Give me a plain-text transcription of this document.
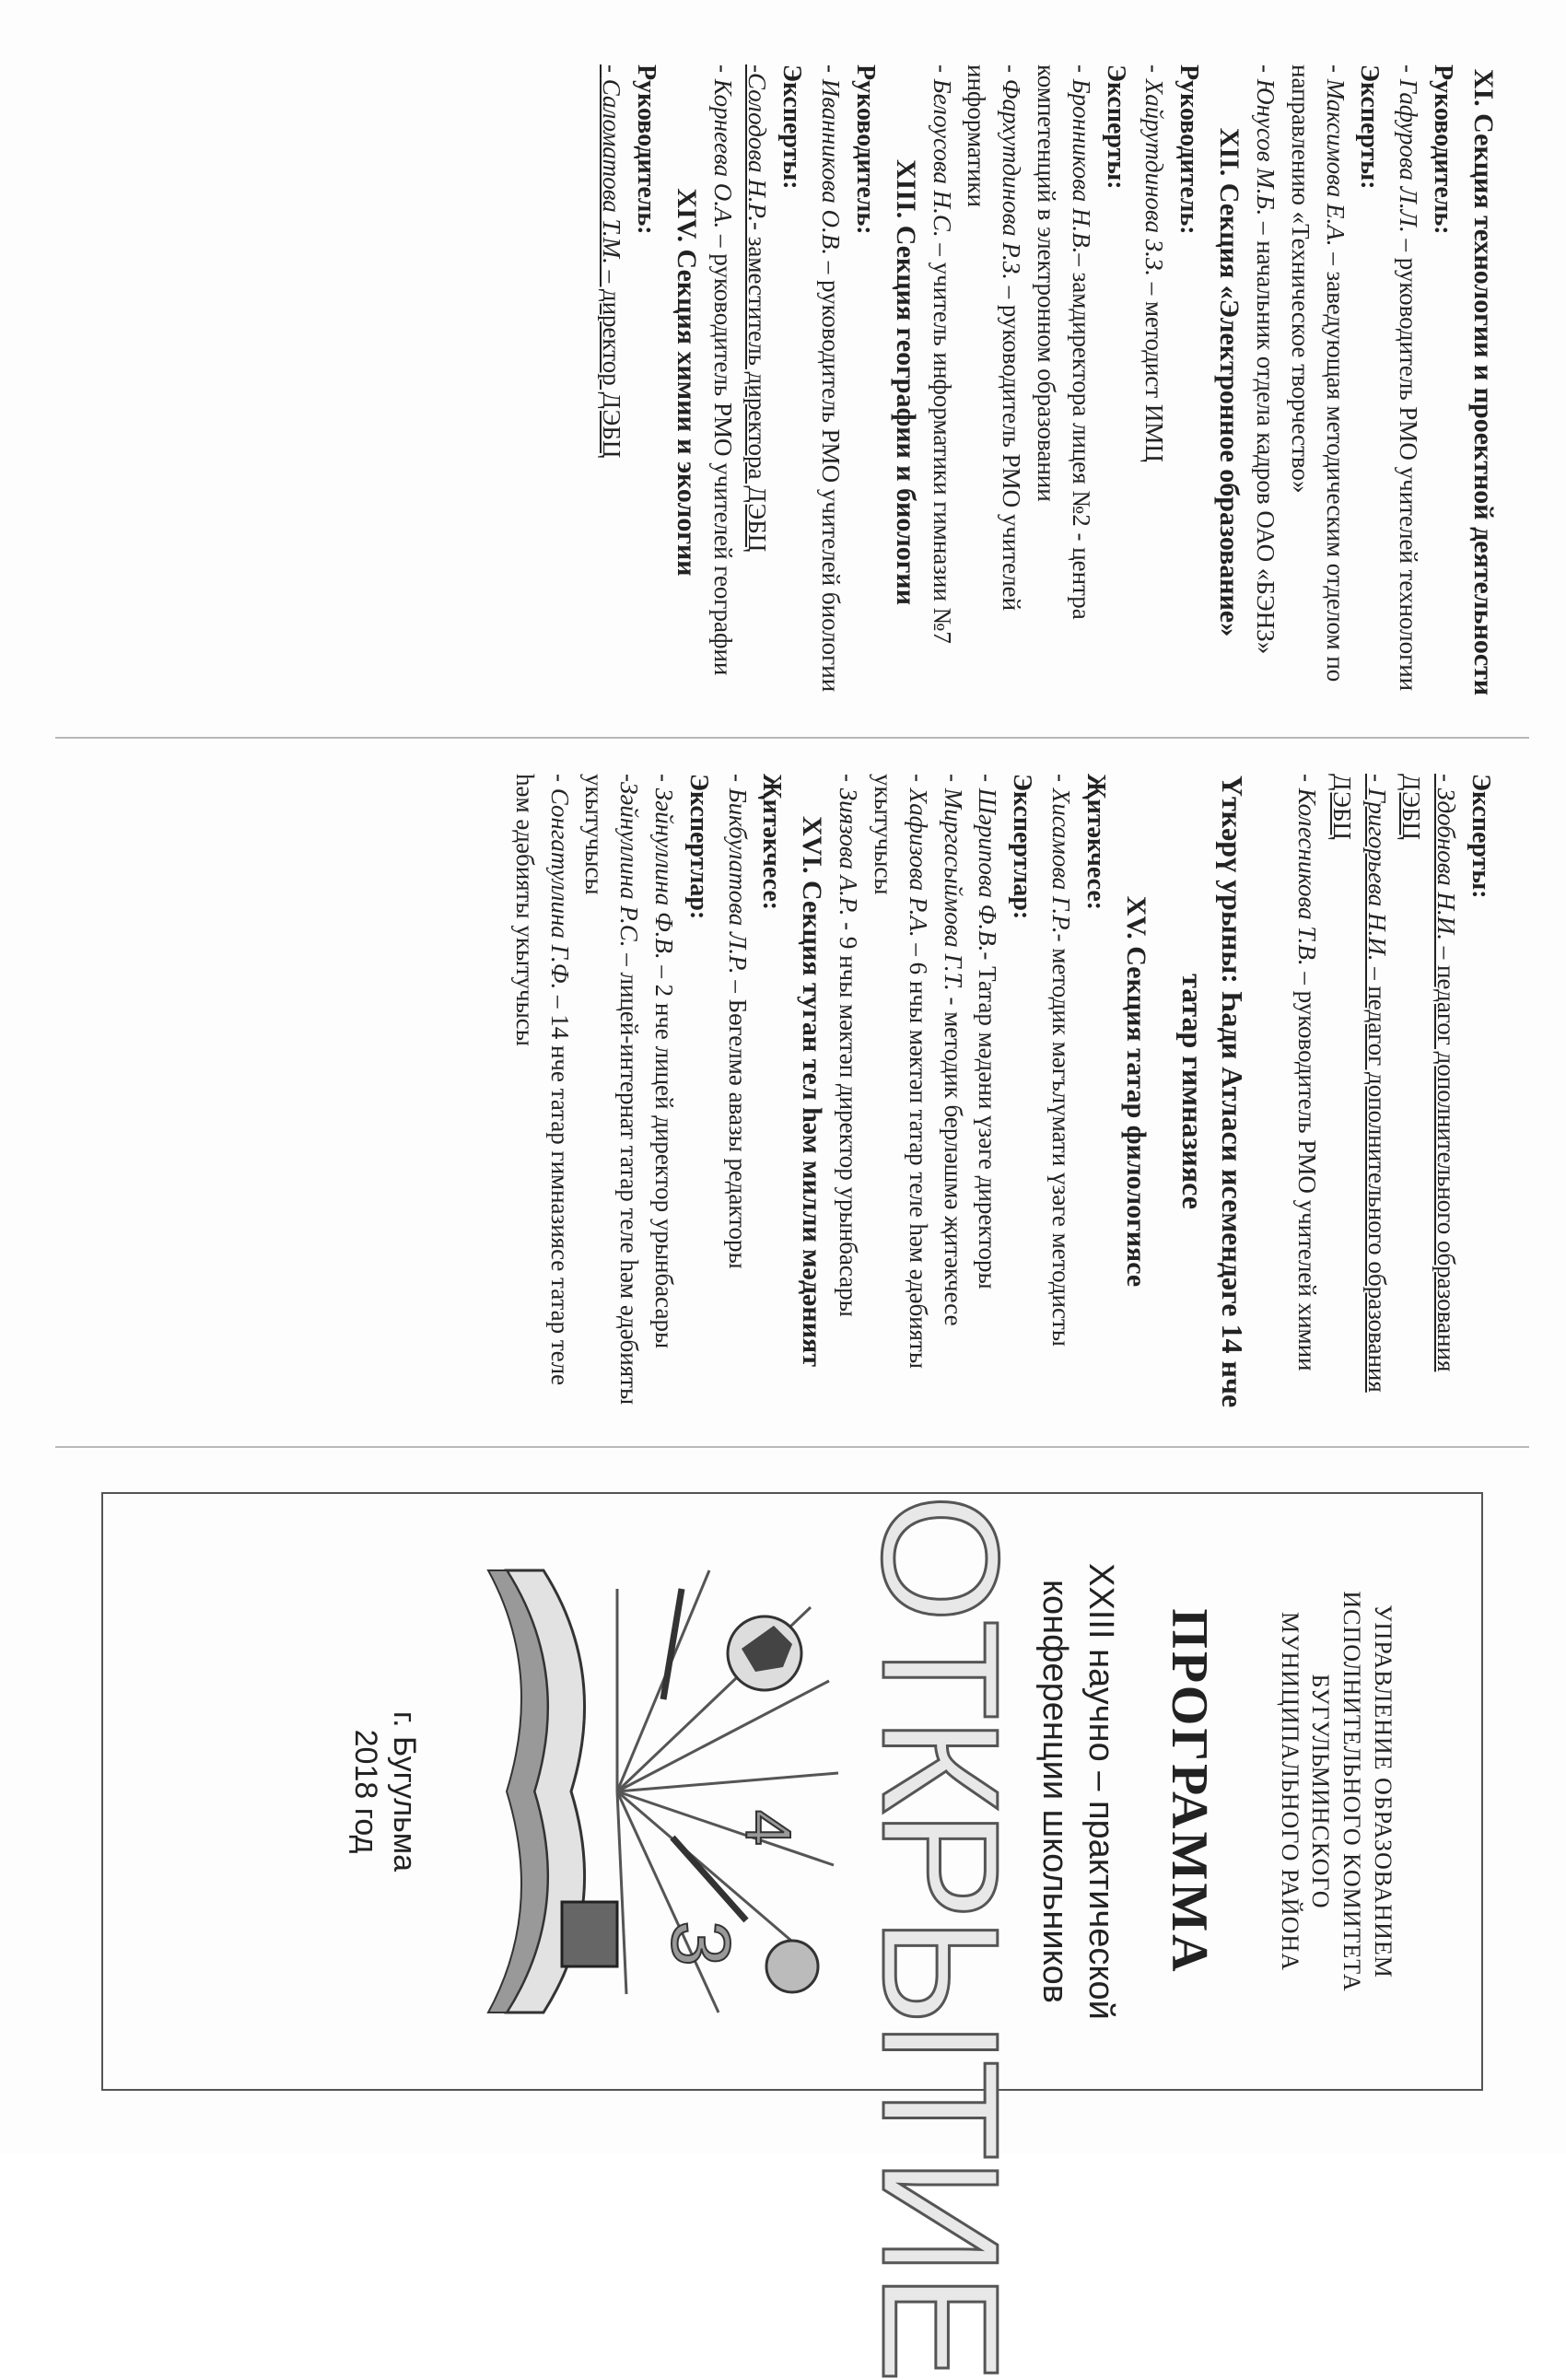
XI. Секция технологии и проектной деятельности

Руководитель:

- Гафурова Л.Л. – руководитель РМО учителей технологии

Эксперты:

- Максимова Е.А. – заведующая методическим отделом по направлению «Техническое творчество»

- Юнусов М.Б. – начальник отдела кадров ОАО «БЭНЗ»

XII. Секция «Электронное образование»

Руководитель:

- Хайрутдинова З.З. – методист ИМЦ

Эксперты:

- Бронникова Н.В.– замдиректора лицея №2 - центра компетенций в электронном образовании

- Фархутдинова Р.З. – руководитель РМО учителей информатики

- Белоусова Н.С. – учитель информатики гимназии №7

XIII. Секция географии и биологии

Руководитель:

- Иванникова О.В. – руководитель РМО учителей биологии

Эксперты:

-Солодова Н.Р.- заместитель директора ДЭБЦ

- Корнеева О.А. – руководитель РМО учителей географии

XIV. Секция химии и экологии

Руководитель:

- Саломатова Т.М. – директор ДЭБЦ

Эксперты:

- Здобнова Н.И. – педагог дополнительного образования ДЭБЦ

- Григорьева Н.И. – педагог дополнительного образования ДЭБЦ

- Колесникова Т.В. – руководитель РМО учителей химии

Үткәрү урыны: Һади Атласи исемендәге 14 нче татар гимназиясе
XV. Секция татар филологиясе

Җитәкчесе:

- Хисамова Г.Р.- методик мәгълүмати үзәге методисты

Экспертлар:

- Шәрипова Ф.В.- Татар мәдәни үзәге директоры

- Миргасыймова Г.Т. - методик берләшмә җитәкчесе

- Хафизова Р.А. – 6 нчы мәктәп татар теле һәм әдәбияты укытучысы

- Зиязова А.Р. - 9 нчы мәктәп директор урынбасары

XVI. Секция туган тел һәм милли мәдәният

Җитәкчесе:

- Бикбулатова Л.Р. – Бөгелмә авазы редакторы

Экспертлар:

- Зәйнуллина Ф.В. – 2 нче лицей директор урынбасары

-Зәйнуллина Р.С. – лицей-интернат татар теле һәм әдәбияты укытучысы

- Сонгатуллина Г.Ф. – 14 нче татар гимназиясе татар теле һәм әдәбияты укытучысы

УПРАВЛЕНИЕ ОБРАЗОВАНИЕМ
ИСПОЛНИТЕЛЬНОГО КОМИТЕТА
БУГУЛЬМИНСКОГО
МУНИЦИПАЛЬНОГО РАЙОНА
ПРОГРАММА
XXIII научно – практической
конференции школьников
ОТКРЫТИЕ
3
4
г. Бугульма
2018 год
